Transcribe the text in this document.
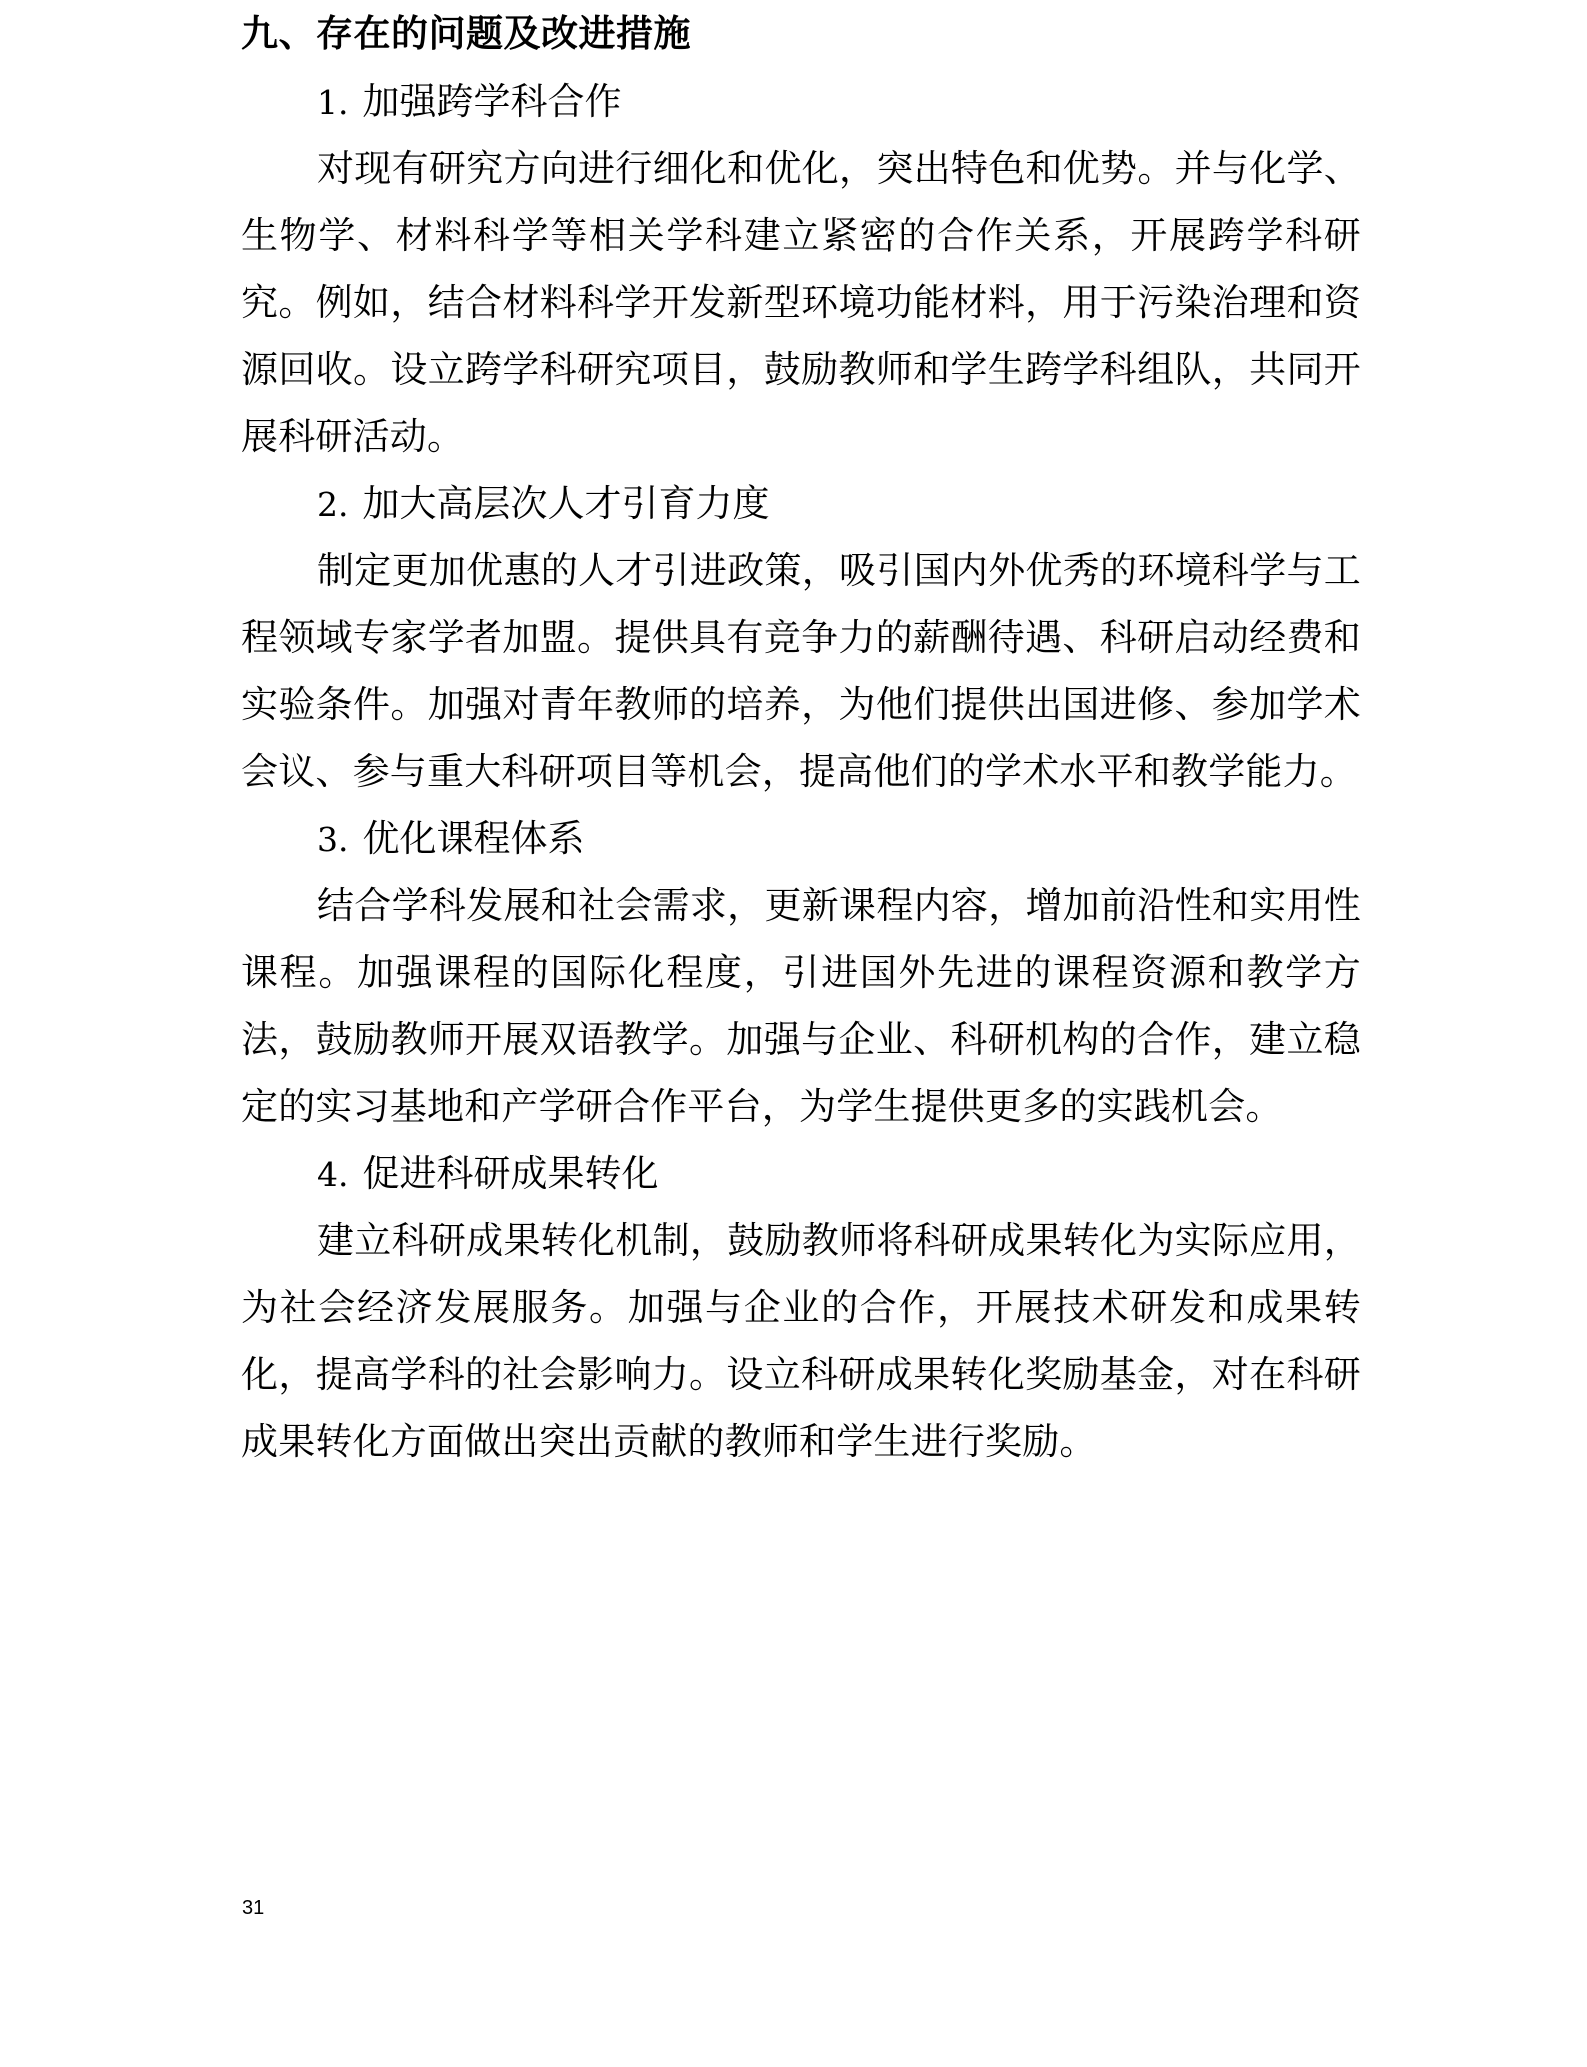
九、存在的问题及改进措施
1. 加强跨学科合作

对现有研究方向进行细化和优化，突出特色和优势。并与化学、生物学、材料科学等相关学科建立紧密的合作关系，开展跨学科研究。例如，结合材料科学开发新型环境功能材料，用于污染治理和资源回收。设立跨学科研究项目，鼓励教师和学生跨学科组队，共同开展科研活动。

2. 加大高层次人才引育力度

制定更加优惠的人才引进政策，吸引国内外优秀的环境科学与工程领域专家学者加盟。提供具有竞争力的薪酬待遇、科研启动经费和实验条件。加强对青年教师的培养，为他们提供出国进修、参加学术会议、参与重大科研项目等机会，提高他们的学术水平和教学能力。

3. 优化课程体系

结合学科发展和社会需求，更新课程内容，增加前沿性和实用性课程。加强课程的国际化程度，引进国外先进的课程资源和教学方法，鼓励教师开展双语教学。加强与企业、科研机构的合作，建立稳定的实习基地和产学研合作平台，为学生提供更多的实践机会。

4. 促进科研成果转化

建立科研成果转化机制，鼓励教师将科研成果转化为实际应用，为社会经济发展服务。加强与企业的合作，开展技术研发和成果转化，提高学科的社会影响力。设立科研成果转化奖励基金，对在科研成果转化方面做出突出贡献的教师和学生进行奖励。

31
